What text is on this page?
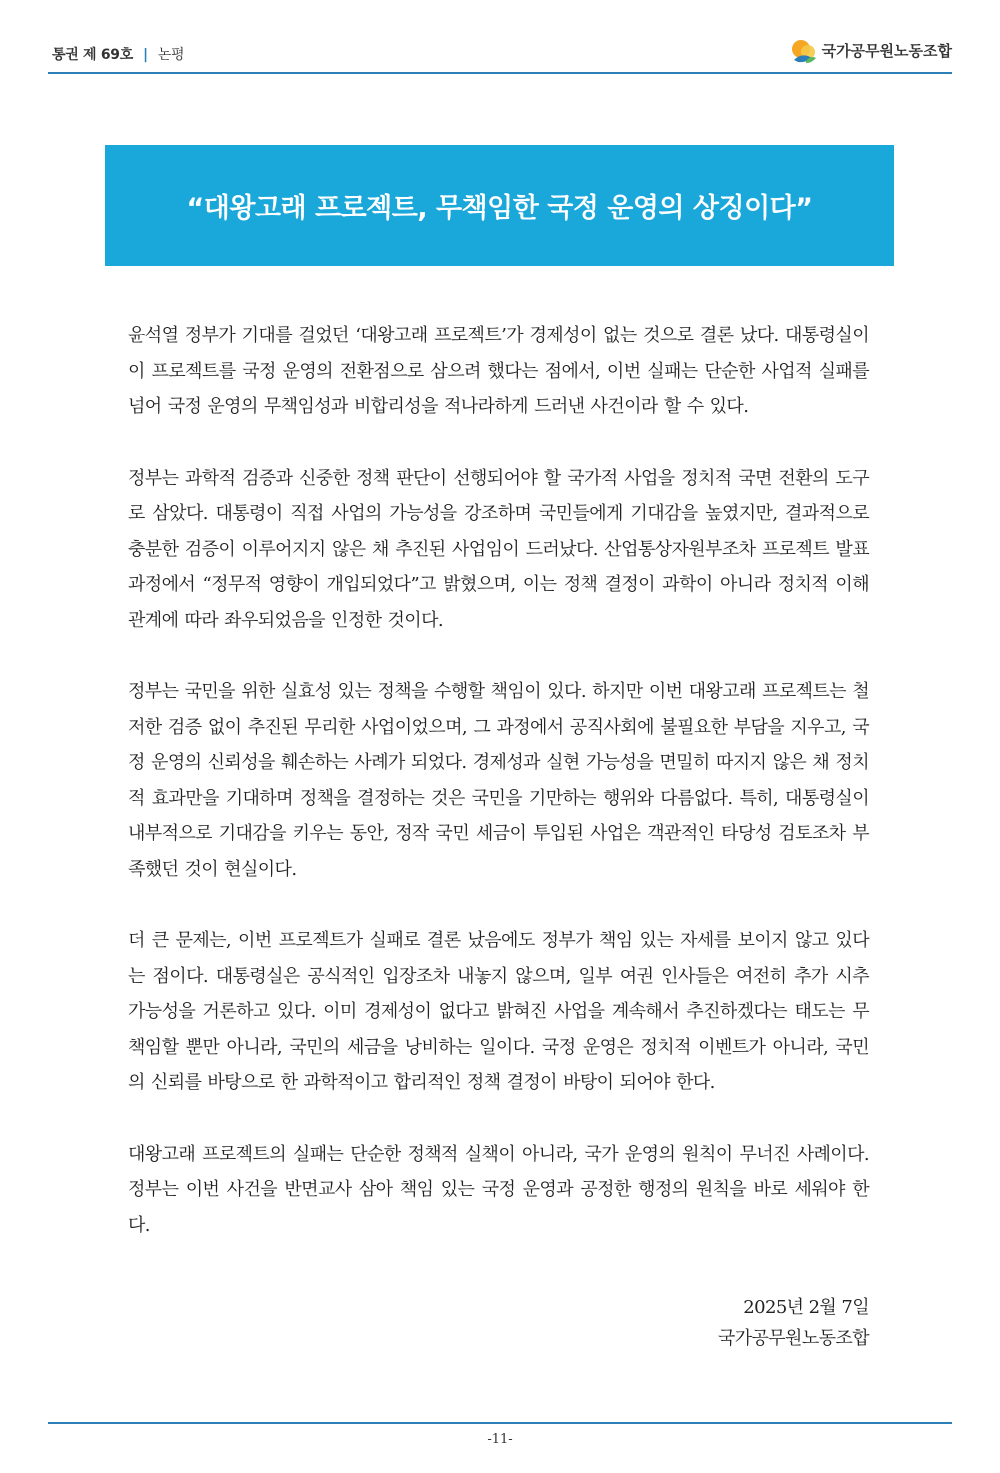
통권 제 69호 | 논평	국가공무원노동조합
“대왕고래 프로젝트, 무책임한 국정 운영의 상징이다”

윤석열 정부가 기대를 걸었던 ‘대왕고래 프로젝트’가 경제성이 없는 것으로 결론 났다. 대통령실이 이 프로젝트를 국정 운영의 전환점으로 삼으려 했다는 점에서, 이번 실패는 단순한 사업적 실패를 넘어 국정 운영의 무책임성과 비합리성을 적나라하게 드러낸 사건이라 할 수 있다.

정부는 과학적 검증과 신중한 정책 판단이 선행되어야 할 국가적 사업을 정치적 국면 전환의 도구로 삼았다. 대통령이 직접 사업의 가능성을 강조하며 국민들에게 기대감을 높였지만, 결과적으로 충분한 검증이 이루어지지 않은 채 추진된 사업임이 드러났다. 산업통상자원부조차 프로젝트 발표 과정에서 “정무적 영향이 개입되었다”고 밝혔으며, 이는 정책 결정이 과학이 아니라 정치적 이해관계에 따라 좌우되었음을 인정한 것이다.

정부는 국민을 위한 실효성 있는 정책을 수행할 책임이 있다. 하지만 이번 대왕고래 프로젝트는 철저한 검증 없이 추진된 무리한 사업이었으며, 그 과정에서 공직사회에 불필요한 부담을 지우고, 국정 운영의 신뢰성을 훼손하는 사례가 되었다. 경제성과 실현 가능성을 면밀히 따지지 않은 채 정치적 효과만을 기대하며 정책을 결정하는 것은 국민을 기만하는 행위와 다름없다. 특히, 대통령실이 내부적으로 기대감을 키우는 동안, 정작 국민 세금이 투입된 사업은 객관적인 타당성 검토조차 부족했던 것이 현실이다.

더 큰 문제는, 이번 프로젝트가 실패로 결론 났음에도 정부가 책임 있는 자세를 보이지 않고 있다는 점이다. 대통령실은 공식적인 입장조차 내놓지 않으며, 일부 여권 인사들은 여전히 추가 시추 가능성을 거론하고 있다. 이미 경제성이 없다고 밝혀진 사업을 계속해서 추진하겠다는 태도는 무책임할 뿐만 아니라, 국민의 세금을 낭비하는 일이다. 국정 운영은 정치적 이벤트가 아니라, 국민의 신뢰를 바탕으로 한 과학적이고 합리적인 정책 결정이 바탕이 되어야 한다.

대왕고래 프로젝트의 실패는 단순한 정책적 실책이 아니라, 국가 운영의 원칙이 무너진 사례이다. 정부는 이번 사건을 반면교사 삼아 책임 있는 국정 운영과 공정한 행정의 원칙을 바로 세워야 한다.

2025년 2월 7일
국가공무원노동조합
-11-
